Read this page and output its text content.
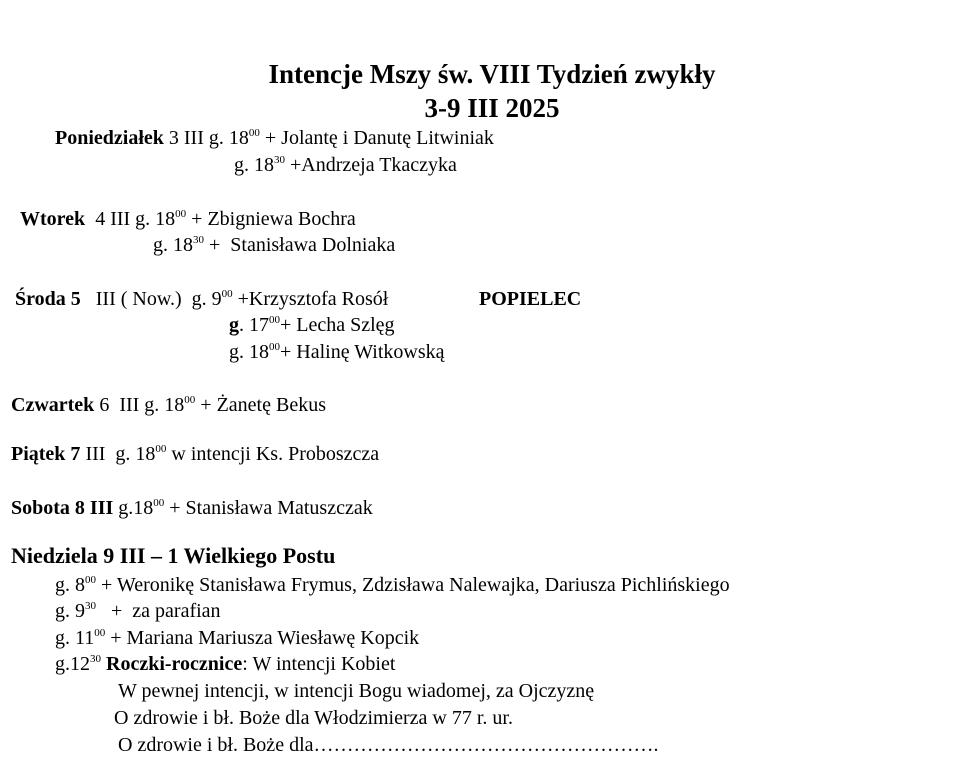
Intencje Mszy św. VIII Tydzień zwykły
3-9 III 2025
Poniedziałek 3 III g. $18^{00}$ + Jolantę i Danutę Litwiniak
g. $18^{30}$ +Andrzeja Tkaczyka
Wtorek  4 III g. $18^{00}$ + Zbigniewa Bochra
g. $18^{30}$ +  Stanisława Dolniaka
Środa 5   III ( Now.)  g. $9^{00}$ +Krzysztofa Rosół	POPIELEC
g. $17^{00}+$ Lecha Szlęg
g. $18^{00}+$ Halinę Witkowską
Czwartek 6  III g. $18^{00}$ + Żanetę Bekus
Piątek 7 III  g. $18^{00}$ w intencji Ks. Proboszcza
Sobota 8 III $g.18^{00}$ + Stanisława Matuszczak
Niedziela 9 III – 1 Wielkiego Postu
g. $8^{00}$ + Weronikę Stanisława Frymus, Zdzisława Nalewajka, Dariusza Pichlińskiego
g. $9^{30}$   +  za parafian
g. $11^{00}$ + Mariana Mariusza Wiesławę Kopcik
$g.12^{30}$ Roczki-rocznice: W intencji Kobiet
W pewnej intencji, w intencji Bogu wiadomej, za Ojczyznę
O zdrowie i bł. Boże dla Włodzimierza w 77 r. ur.
O zdrowie i bł. Boże dla…………………………………………….
